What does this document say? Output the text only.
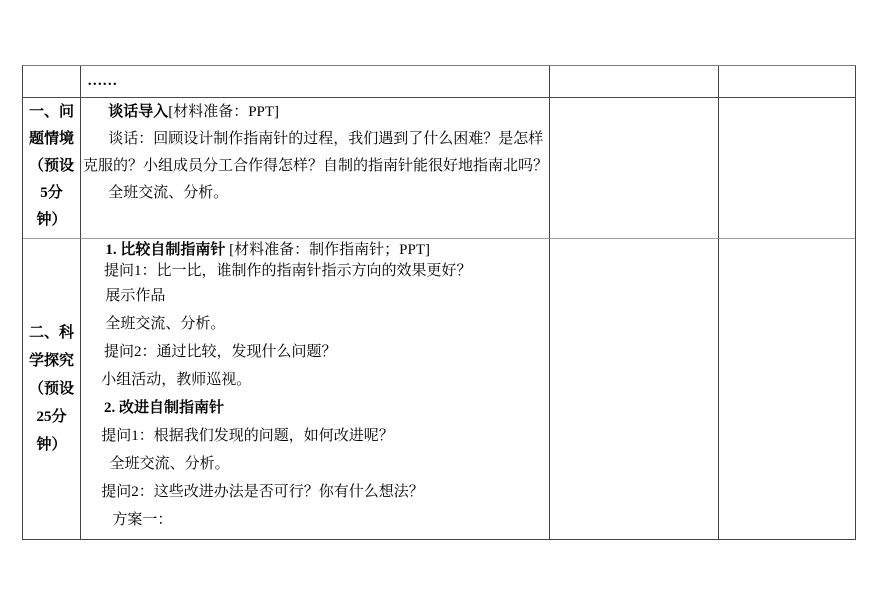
……
一、问
题情境
（预设
5分
钟）
谈话导入[材料准备：PPT]
谈话：回顾设计制作指南针的过程，我们遇到了什么困难？是怎样
克服的？小组成员分工合作得怎样？自制的指南针能很好地指南北吗？
全班交流、分析。
二、科
学探究
（预设
25分
钟）
1. 比较自制指南针 [材料准备：制作指南针；PPT]
提问1：比一比，谁制作的指南针指示方向的效果更好？
展示作品
全班交流、分析。
提问2：通过比较，发现什么问题？
小组活动，教师巡视。
2. 改进自制指南针
提问1：根据我们发现的问题，如何改进呢？
全班交流、分析。
提问2：这些改进办法是否可行？你有什么想法？
方案一：
